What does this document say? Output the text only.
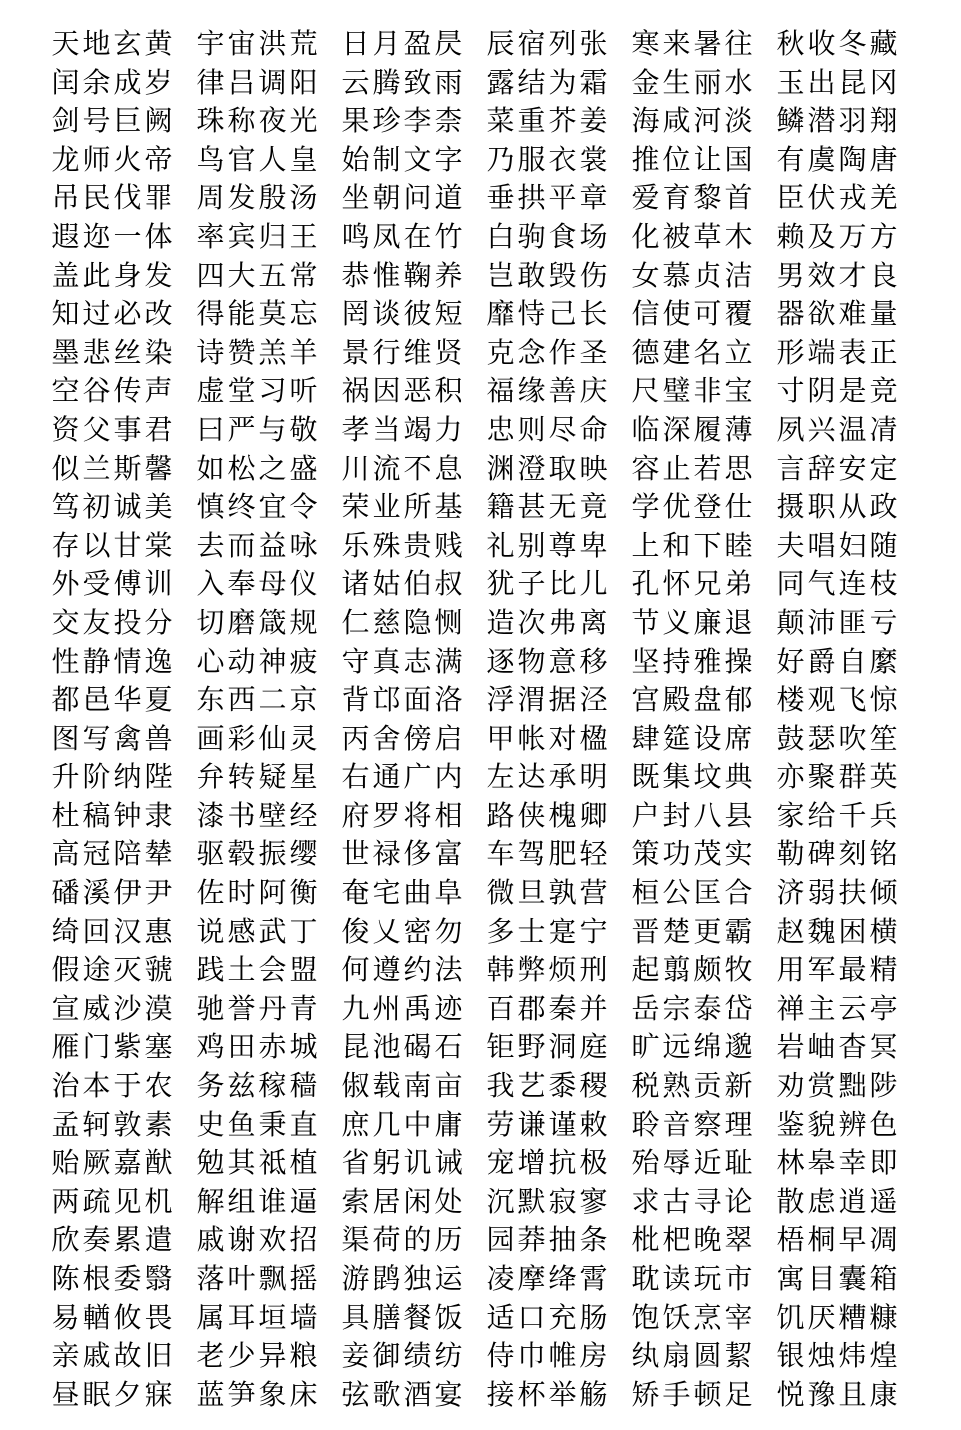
天 地 玄 黄 宇 宙 洪 荒 日 月 盈 昃 辰 宿 列 张 寒 来 暑 往 秋 收 冬 藏
闰 余 成 岁 律 吕 调 阳 云 腾 致 雨 露 结 为 霜 金 生 丽 水 玉 出 昆 冈
剑 号 巨 阙 珠 称 夜 光 果 珍 李 柰 菜 重 芥 姜 海 咸 河 淡 鳞 潜 羽 翔
龙 师 火 帝 鸟 官 人 皇 始 制 文 字 乃 服 衣 裳 推 位 让 国 有 虞 陶 唐
吊 民 伐 罪 周 发 殷 汤 坐 朝 问 道 垂 拱 平 章 爱 育 黎 首 臣 伏 戎 羌
遐 迩 一 体 率 宾 归 王 鸣 凤 在 竹 白 驹 食 场 化 被 草 木 赖 及 万 方
盖 此 身 发 四 大 五 常 恭 惟 鞠 养 岂 敢 毁 伤 女 慕 贞 洁 男 效 才 良
知 过 必 改 得 能 莫 忘 罔 谈 彼 短 靡 恃 己 长 信 使 可 覆 器 欲 难 量
墨 悲 丝 染 诗 赞 羔 羊 景 行 维 贤 克 念 作 圣 德 建 名 立 形 端 表 正
空 谷 传 声 虚 堂 习 听 祸 因 恶 积 福 缘 善 庆 尺 璧 非 宝 寸 阴 是 竞
资 父 事 君 曰 严 与 敬 孝 当 竭 力 忠 则 尽 命 临 深 履 薄 夙 兴 温 凊
似 兰 斯 馨 如 松 之 盛 川 流 不 息 渊 澄 取 映 容 止 若 思 言 辞 安 定
笃 初 诚 美 慎 终 宜 令 荣 业 所 基 籍 甚 无 竟 学 优 登 仕 摄 职 从 政
存 以 甘 棠 去 而 益 咏 乐 殊 贵 贱 礼 别 尊 卑 上 和 下 睦 夫 唱 妇 随
外 受 傅 训 入 奉 母 仪 诸 姑 伯 叔 犹 子 比 儿 孔 怀 兄 弟 同 气 连 枝
交 友 投 分 切 磨 箴 规 仁 慈 隐 恻 造 次 弗 离 节 义 廉 退 颠 沛 匪 亏
性 静 情 逸 心 动 神 疲 守 真 志 满 逐 物 意 移 坚 持 雅 操 好 爵 自 縻
都 邑 华 夏 东 西 二 京 背 邙 面 洛 浮 渭 据 泾 宫 殿 盘 郁 楼 观 飞 惊
图 写 禽 兽 画 彩 仙 灵 丙 舍 傍 启 甲 帐 对 楹 肆 筵 设 席 鼓 瑟 吹 笙
升 阶 纳 陛 弁 转 疑 星 右 通 广 内 左 达 承 明 既 集 坟 典 亦 聚 群 英
杜 稿 钟 隶 漆 书 壁 经 府 罗 将 相 路 侠 槐 卿 户 封 八 县 家 给 千 兵
高 冠 陪 辇 驱 毂 振 缨 世 禄 侈 富 车 驾 肥 轻 策 功 茂 实 勒 碑 刻 铭
磻 溪 伊 尹 佐 时 阿 衡 奄 宅 曲 阜 微 旦 孰 营 桓 公 匡 合 济 弱 扶 倾
绮 回 汉 惠 说 感 武 丁 俊 乂 密 勿 多 士 寔 宁 晋 楚 更 霸 赵 魏 困 横
假 途 灭 虢 践 土 会 盟 何 遵 约 法 韩 弊 烦 刑 起 翦 颇 牧 用 军 最 精
宣 威 沙 漠 驰 誉 丹 青 九 州 禹 迹 百 郡 秦 并 岳 宗 泰 岱 禅 主 云 亭
雁 门 紫 塞 鸡 田 赤 城 昆 池 碣 石 钜 野 洞 庭 旷 远 绵 邈 岩 岫 杳 冥
治 本 于 农 务 兹 稼 穑 俶 载 南 亩 我 艺 黍 稷 税 熟 贡 新 劝 赏 黜 陟
孟 轲 敦 素 史 鱼 秉 直 庶 几 中 庸 劳 谦 谨 敕 聆 音 察 理 鉴 貌 辨 色
贻 厥 嘉 猷 勉 其 祗 植 省 躬 讥 诫 宠 增 抗 极 殆 辱 近 耻 林 皋 幸 即
两 疏 见 机 解 组 谁 逼 索 居 闲 处 沉 默 寂 寥 求 古 寻 论 散 虑 逍 遥
欣 奏 累 遣 戚 谢 欢 招 渠 荷 的 历 园 莽 抽 条 枇 杷 晚 翠 梧 桐 早 凋
陈 根 委 翳 落 叶 飘 摇 游 鹍 独 运 凌 摩 绛 霄 耽 读 玩 市 寓 目 囊 箱
易 輶 攸 畏 属 耳 垣 墙 具 膳 餐 饭 适 口 充 肠 饱 饫 烹 宰 饥 厌 糟 糠
亲 戚 故 旧 老 少 异 粮 妾 御 绩 纺 侍 巾 帷 房 纨 扇 圆 絜 银 烛 炜 煌
昼 眠 夕 寐 蓝 笋 象 床 弦 歌 酒 宴 接 杯 举 觞 矫 手 顿 足 悦 豫 且 康
